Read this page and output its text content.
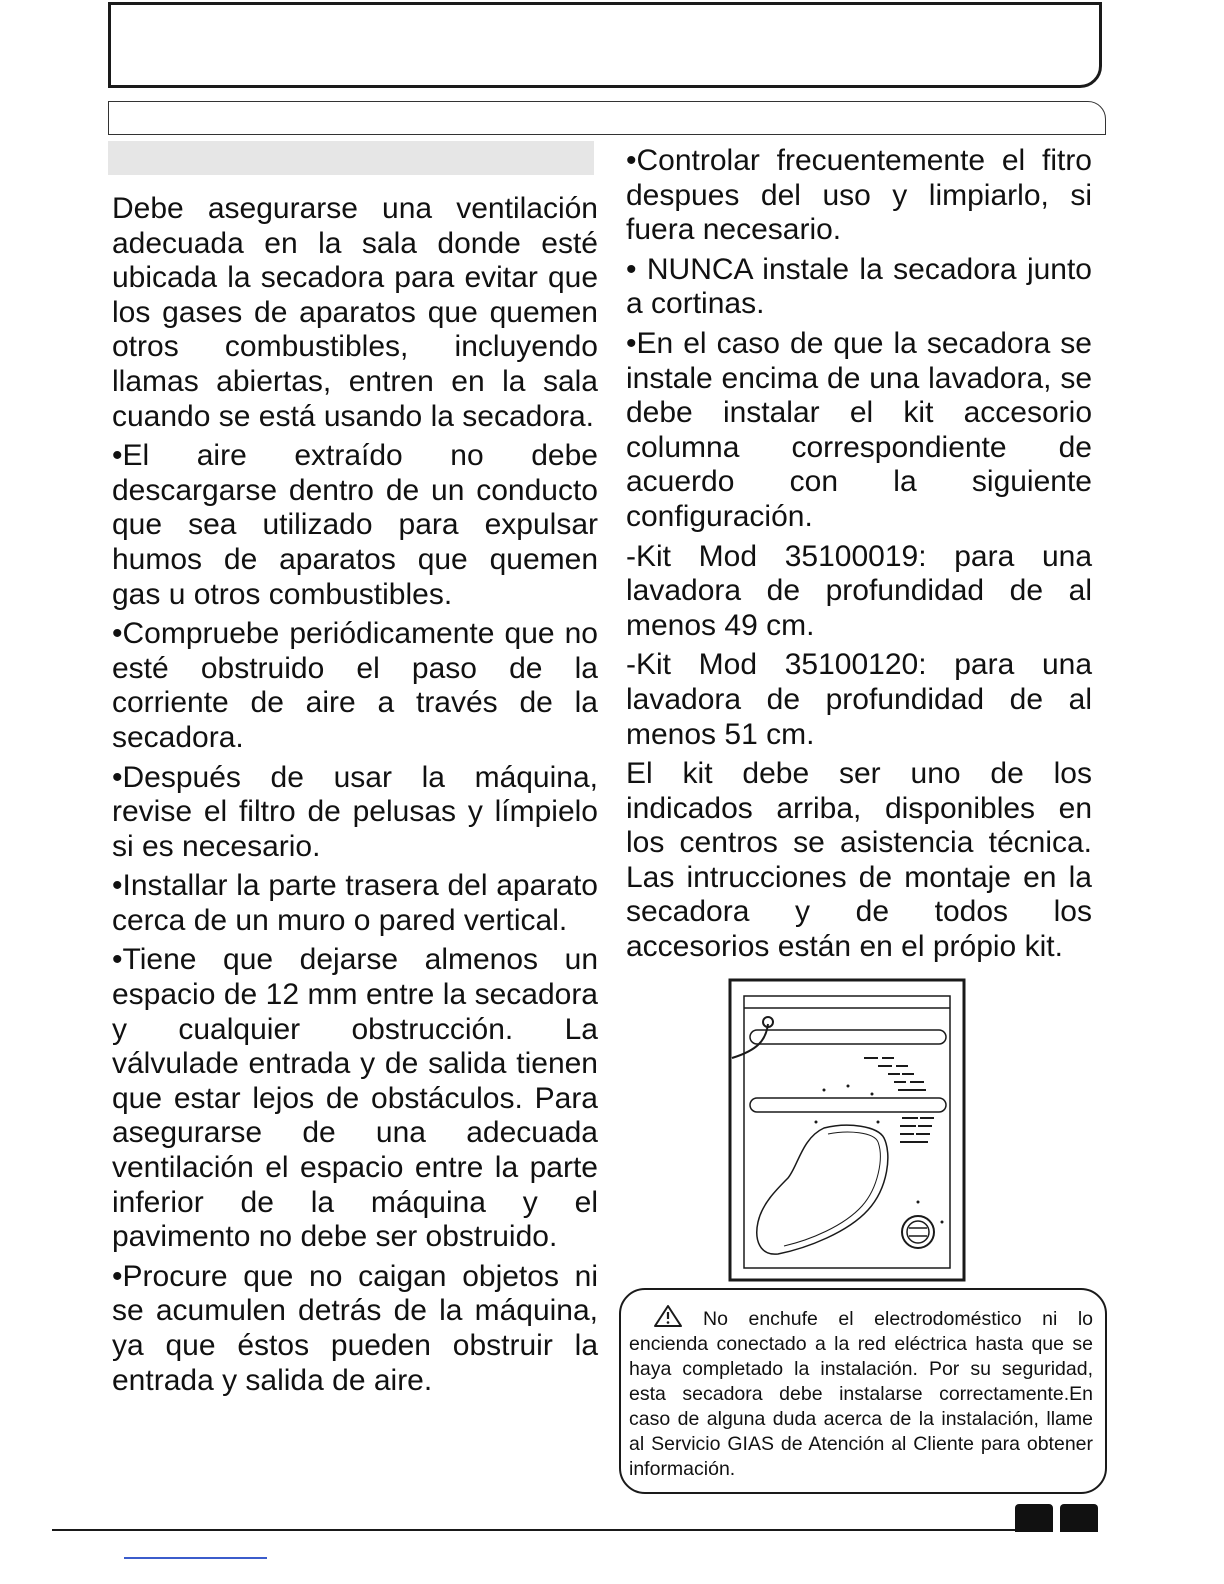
Debe asegurarse una ventilación adecuada en la sala donde esté ubicada la secadora para evitar que los gases de aparatos que quemen otros combustibles, incluyendo llamas abiertas, entren en la sala cuando se está usando la secadora.

•El aire extraído no debe descargarse dentro de un conducto que sea utilizado para expulsar humos de aparatos que quemen gas u otros combustibles.

•Compruebe periódicamente que no esté obstruido el paso de la corriente de aire a través de la secadora.

•Después de usar la máquina, revise el filtro de pelusas y límpielo si es necesario.

•Installar la parte trasera del aparato cerca de un muro o pared vertical.

•Tiene que dejarse almenos un espacio de 12 mm entre la secadora y cualquier obstrucción. La válvulade entrada y de salida tienen que estar lejos de obstáculos. Para asegurarse de una adecuada ventilación el espacio entre la parte inferior de la máquina y el pavimento no debe ser obstruido.

•Procure que no caigan objetos ni se acumulen detrás de la máquina, ya que éstos pueden obstruir la entrada y salida de aire.

•Controlar frecuentemente el fitro despues del uso y limpiarlo, si fuera necesario.

• NUNCA instale la secadora junto a cortinas.

•En el caso de que la secadora se instale encima de una lavadora, se debe instalar el kit accesorio columna correspondiente de acuerdo con la siguiente configuración.

-Kit Mod 35100019: para una lavadora de profundidad de al menos 49 cm.

-Kit Mod 35100120: para una lavadora de profundidad de al menos 51 cm.

El kit debe ser uno de los indicados arriba, disponibles en los centros se asistencia técnica. Las intrucciones de montaje en la secadora y de todos los accesorios están en el própio kit.

No enchufe el electrodoméstico ni lo encienda conectado a la red eléctrica hasta que se haya completado la instalación. Por su seguridad, esta secadora debe instalarse correctamente.En caso de alguna duda acerca de la instalación, llame al Servicio GIAS de Atención al Cliente para obtener información.
